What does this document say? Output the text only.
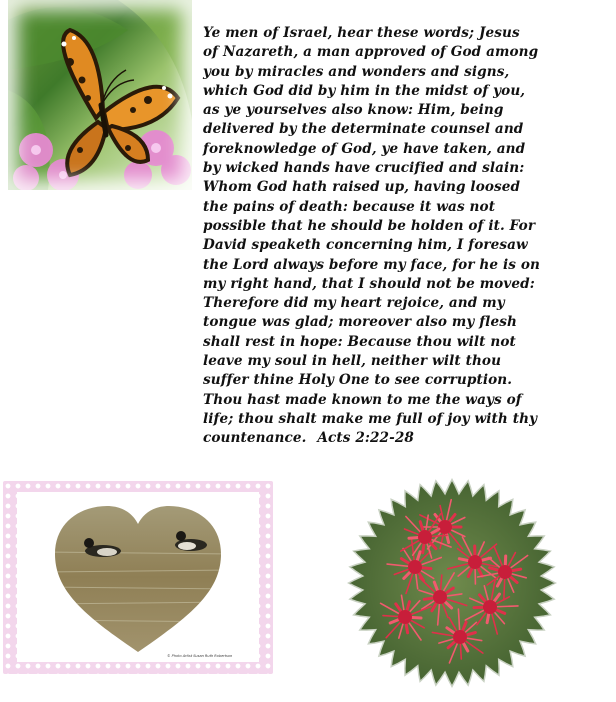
Ye men of Israel, hear these words; Jesus
of Nazareth, a man approved of God among
you by miracles and wonders and signs,
which God did by him in the midst of you,
as ye yourselves also know: Him, being
delivered by the determinate counsel and
foreknowledge of God, ye have taken, and
by wicked hands have crucified and slain:
Whom God hath raised up, having loosed
the pains of death: because it was not
possible that he should be holden of it. For
David speaketh concerning him, I foresaw
the Lord always before my face, for he is on
my right hand, that I should not be moved:
Therefore did my heart rejoice, and my
tongue was glad; moreover also my flesh
shall rest in hope: Because thou wilt not
leave my soul in hell, neither wilt thou
suffer thine Holy One to see corruption.
Thou hast made known to me the ways of
life; thou shalt make me full of joy with thy
countenance. Acts 2:22-28
© Photo Artist Susan Ruth Robertson
